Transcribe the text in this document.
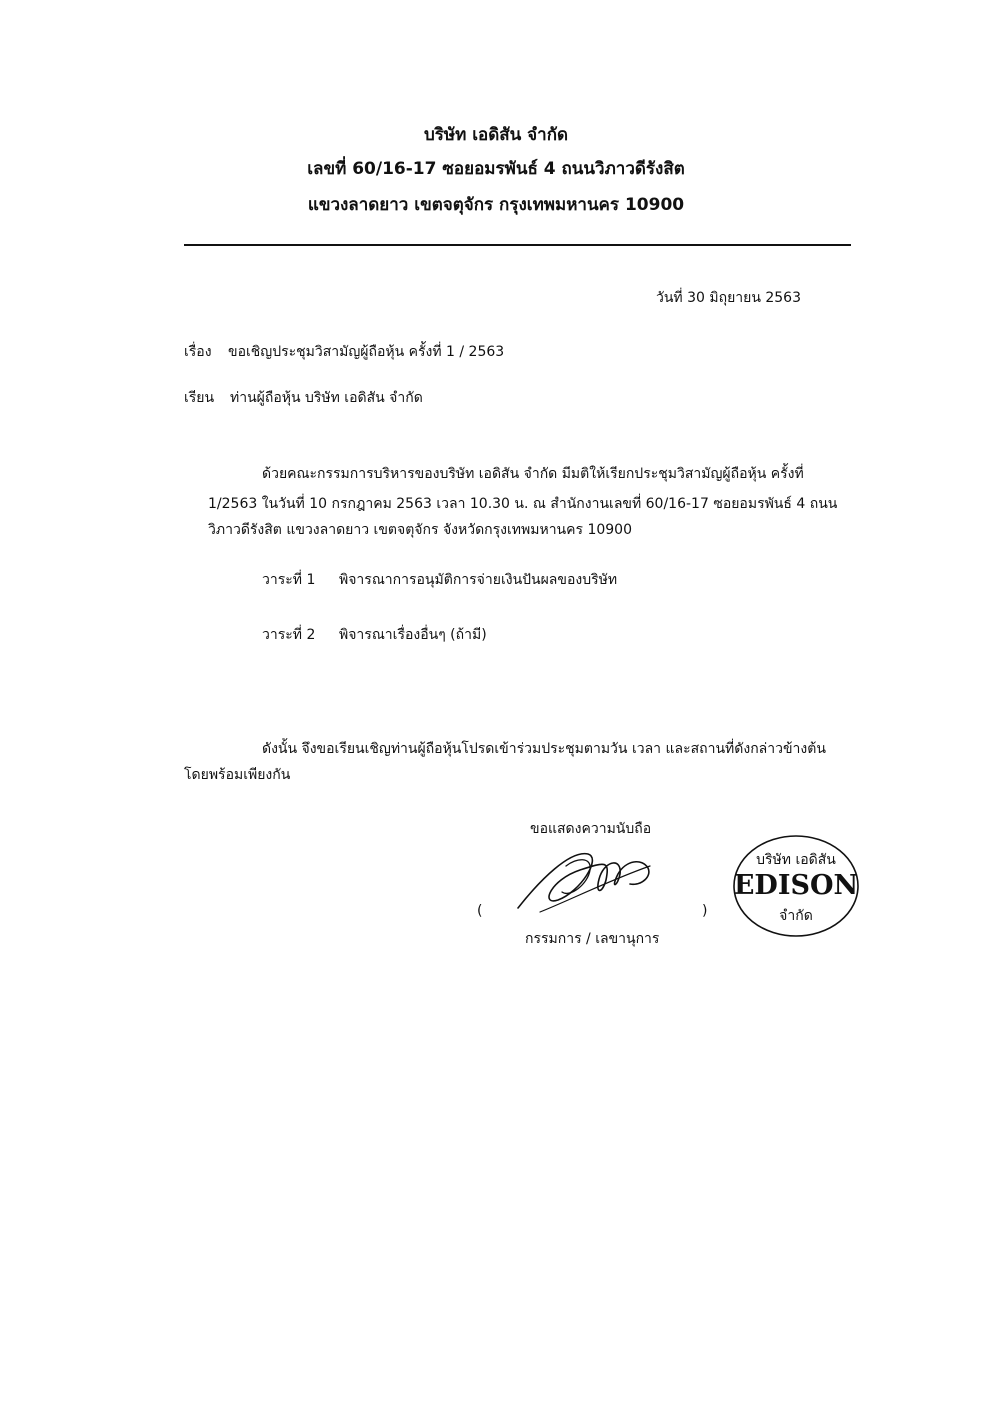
บริษัท เอดิสัน จำกัด
เลขที่ 60/16-17 ซอยอมรพันธ์ 4 ถนนวิภาวดีรังสิต
แขวงลาดยาว เขตจตุจักร กรุงเทพมหานคร 10900
วันที่ 30 มิถุยายน 2563
เรื่อง ขอเชิญประชุมวิสามัญผู้ถือหุ้น ครั้งที่ 1 / 2563
เรียน ท่านผู้ถือหุ้น บริษัท เอดิสัน จำกัด
ด้วยคณะกรรมการบริหารของบริษัท เอดิสัน จำกัด มีมติให้เรียกประชุมวิสามัญผู้ถือหุ้น ครั้งที่
1/2563 ในวันที่ 10 กรกฎาคม 2563 เวลา 10.30 น. ณ สำนักงานเลขที่ 60/16-17 ซอยอมรพันธ์ 4 ถนน
วิภาวดีรังสิต แขวงลาดยาว เขตจตุจักร จังหวัดกรุงเทพมหานคร 10900
วาระที่ 1 พิจารณาการอนุมัติการจ่ายเงินปันผลของบริษัท
วาระที่ 2 พิจารณาเรื่องอื่นๆ (ถ้ามี)
ดังนั้น จึงขอเรียนเชิญท่านผู้ถือหุ้นโปรดเข้าร่วมประชุมตามวัน เวลา และสถานที่ดังกล่าวข้างต้น
โดยพร้อมเพียงกัน
ขอแสดงความนับถือ
(	)
กรรมการ / เลขานุการ
บริษัท เอดิสัน
EDISON
จำกัด
